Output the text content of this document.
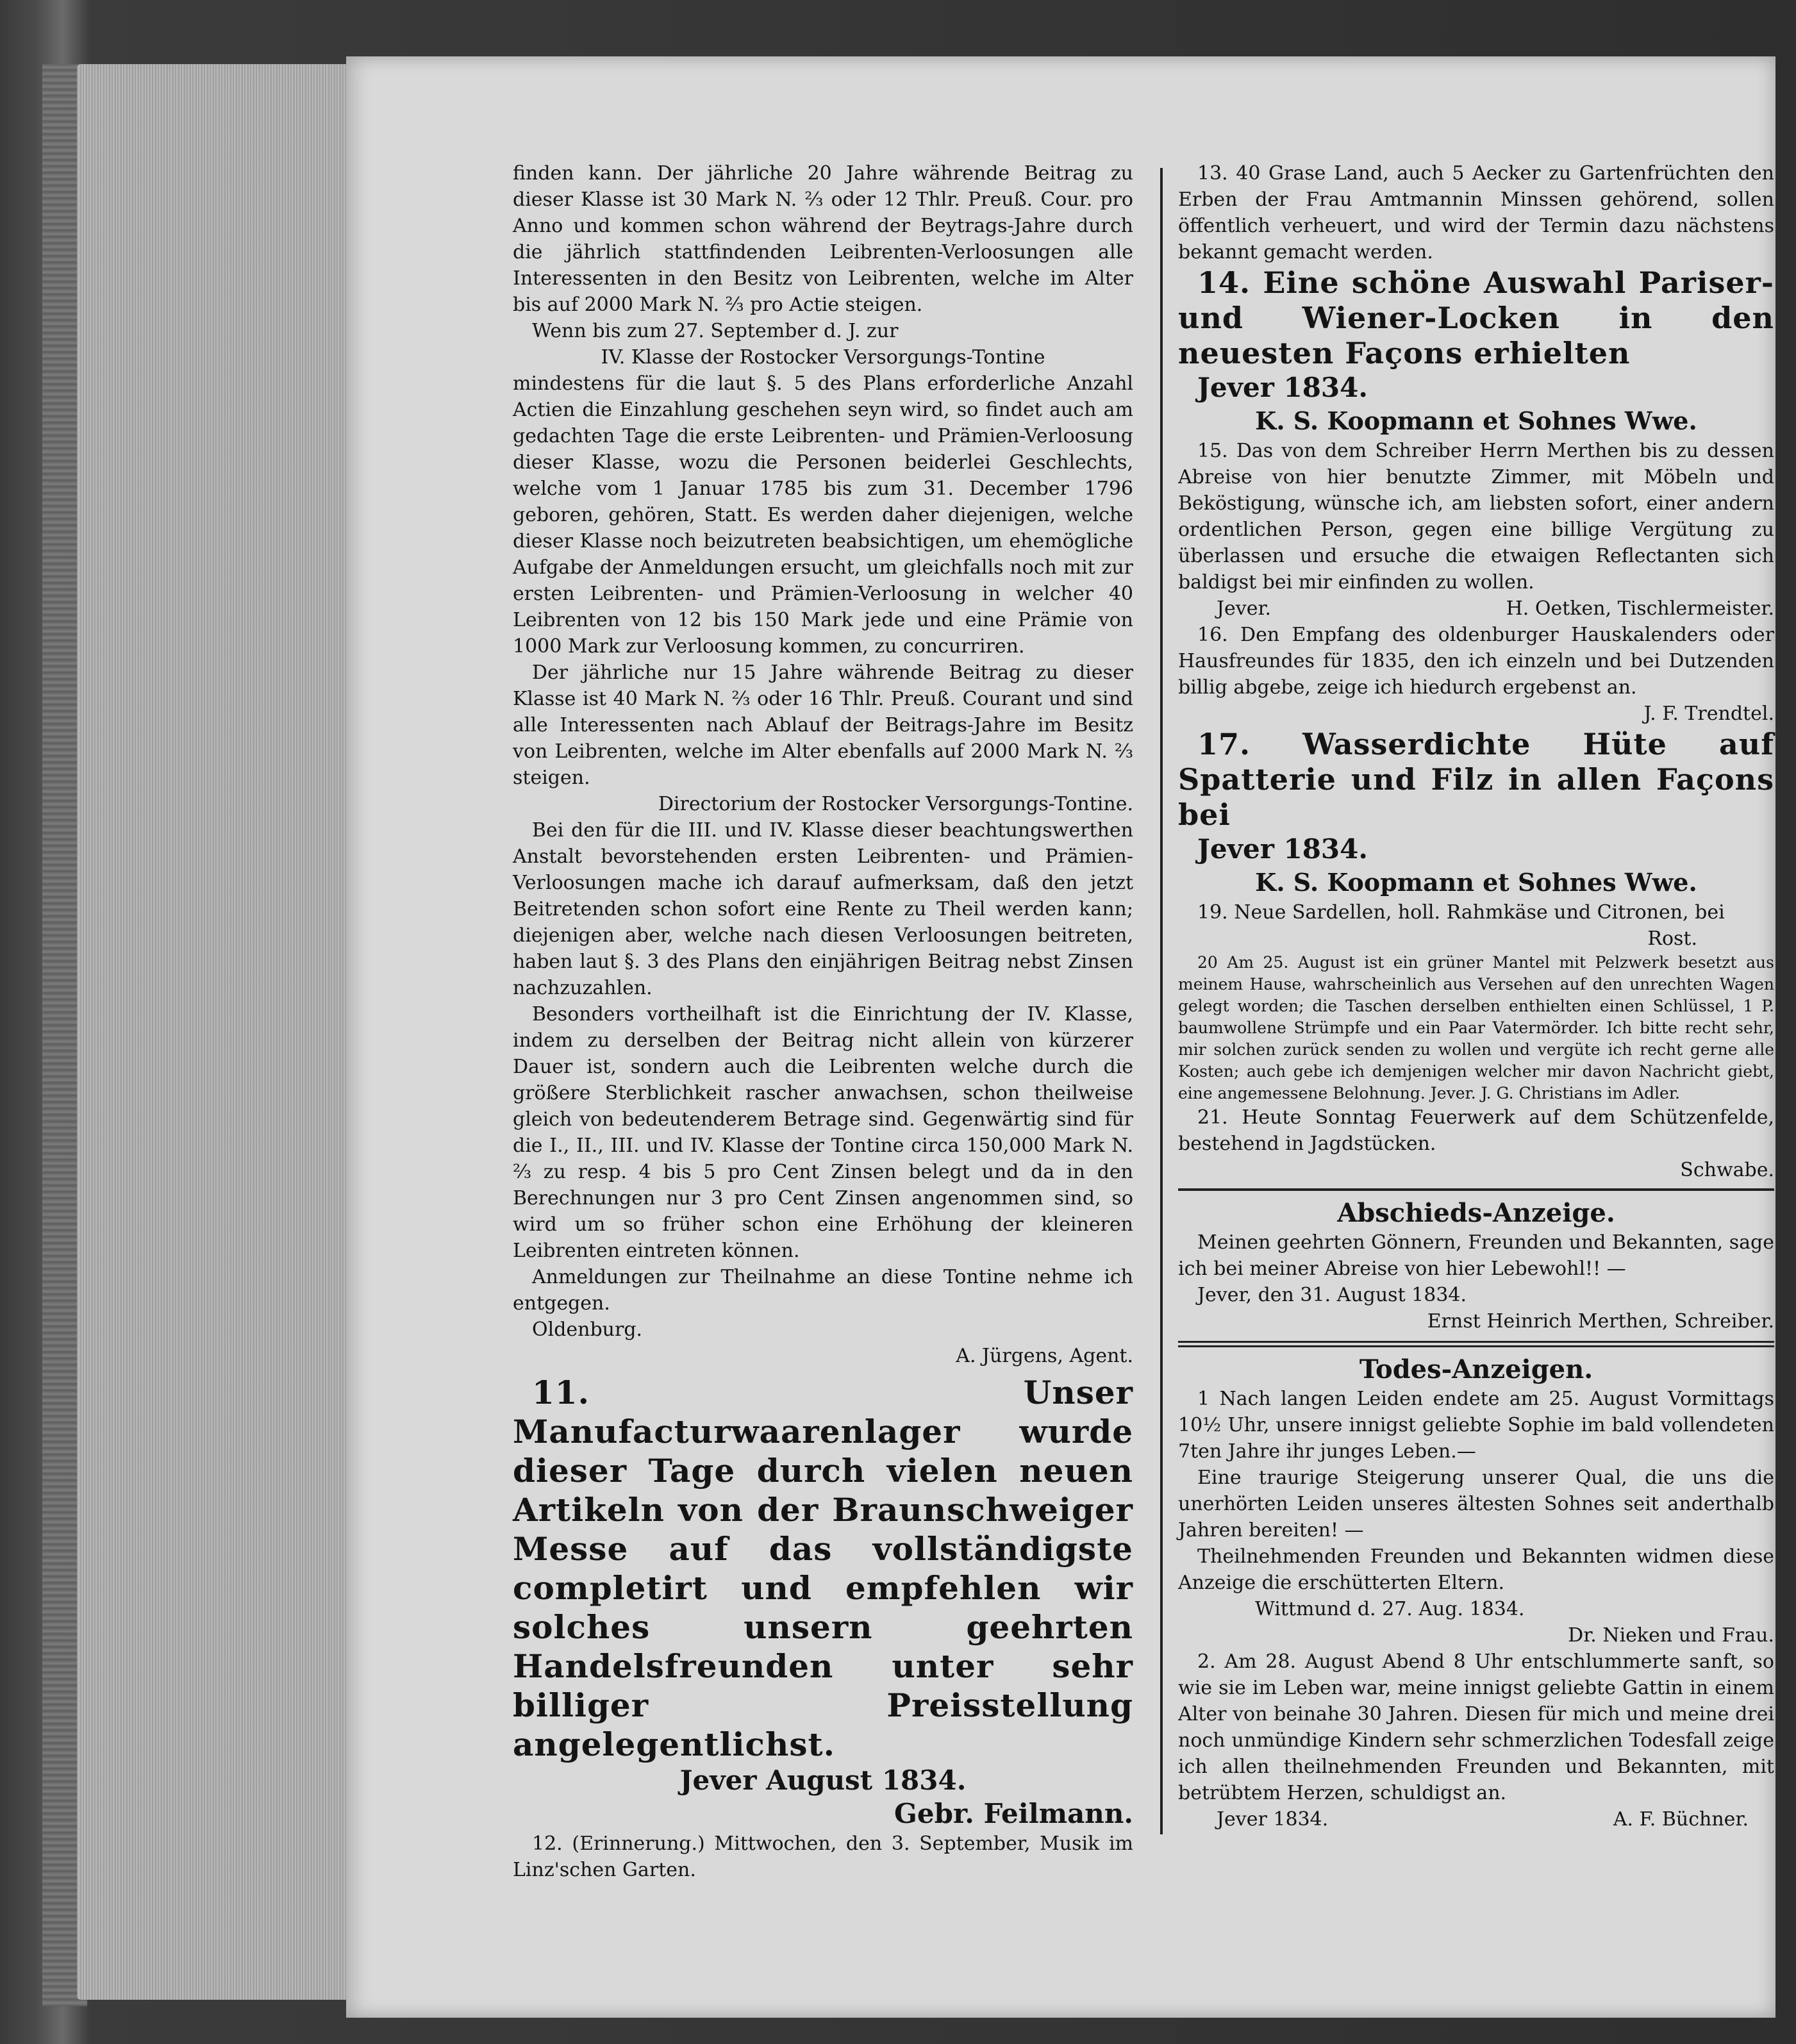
finden kann. Der jährliche 20 Jahre währende Beitrag zu dieser Klasse ist 30 Mark N. ⅔ oder 12 Thlr. Preuß. Cour. pro Anno und kommen schon während der Beytrags-Jahre durch die jährlich stattfindenden Leibrenten-Verloosungen alle Interessenten in den Besitz von Leibrenten, welche im Alter bis auf 2000 Mark N. ⅔ pro Actie steigen.

Wenn bis zum 27. September d. J. zur

IV. Klasse der Rostocker Versorgungs-Tontine

mindestens für die laut §. 5 des Plans erforderliche Anzahl Actien die Einzahlung geschehen seyn wird, so findet auch am gedachten Tage die erste Leibrenten- und Prämien-Verloosung dieser Klasse, wozu die Personen beiderlei Geschlechts, welche vom 1 Januar 1785 bis zum 31. December 1796 geboren, gehören, Statt. Es werden daher diejenigen, welche dieser Klasse noch beizutreten beabsichtigen, um ehemögliche Aufgabe der Anmeldungen ersucht, um gleichfalls noch mit zur ersten Leibrenten- und Prämien-Verloosung in welcher 40 Leibrenten von 12 bis 150 Mark jede und eine Prämie von 1000 Mark zur Verloosung kommen, zu concurriren.

Der jährliche nur 15 Jahre währende Beitrag zu dieser Klasse ist 40 Mark N. ⅔ oder 16 Thlr. Preuß. Courant und sind alle Interessenten nach Ablauf der Beitrags-Jahre im Besitz von Leibrenten, welche im Alter ebenfalls auf 2000 Mark N. ⅔ steigen.

Directorium der Rostocker Versorgungs-Tontine.

Bei den für die III. und IV. Klasse dieser beachtungswerthen Anstalt bevorstehenden ersten Leibrenten- und Prämien-Verloosungen mache ich darauf aufmerksam, daß den jetzt Beitretenden schon sofort eine Rente zu Theil werden kann; diejenigen aber, welche nach diesen Verloosungen beitreten, haben laut §. 3 des Plans den einjährigen Beitrag nebst Zinsen nachzuzahlen.

Besonders vortheilhaft ist die Einrichtung der IV. Klasse, indem zu derselben der Beitrag nicht allein von kürzerer Dauer ist, sondern auch die Leibrenten welche durch die größere Sterblichkeit rascher anwachsen, schon theilweise gleich von bedeutenderem Betrage sind. Gegenwärtig sind für die I., II., III. und IV. Klasse der Tontine circa 150,000 Mark N. ⅔ zu resp. 4 bis 5 pro Cent Zinsen belegt und da in den Berechnungen nur 3 pro Cent Zinsen angenommen sind, so wird um so früher schon eine Erhöhung der kleineren Leibrenten eintreten können.

Anmeldungen zur Theilnahme an diese Tontine nehme ich entgegen.

Oldenburg.

A. Jürgens, Agent.

11. Unser Manufacturwaarenlager wurde dieser Tage durch vielen neuen Artikeln von der Braunschweiger Messe auf das vollständigste completirt und empfehlen wir solches unsern geehrten Handelsfreunden unter sehr billiger Preisstellung angelegentlichst.

Jever August 1834.

Gebr. Feilmann.

12. (Erinnerung.) Mittwochen, den 3. September, Musik im Linz'schen Garten.

13. 40 Grase Land, auch 5 Aecker zu Gartenfrüchten den Erben der Frau Amtmannin Minssen gehörend, sollen öffentlich verheuert, und wird der Termin dazu nächstens bekannt gemacht werden.

14. Eine schöne Auswahl Pariser- und Wiener-Locken in den neuesten Façons erhielten

Jever 1834.

K. S. Koopmann et Sohnes Wwe.

15. Das von dem Schreiber Herrn Merthen bis zu dessen Abreise von hier benutzte Zimmer, mit Möbeln und Beköstigung, wünsche ich, am liebsten sofort, einer andern ordentlichen Person, gegen eine billige Vergütung zu überlassen und ersuche die etwaigen Reflectanten sich baldigst bei mir einfinden zu wollen.

Jever.	H. Oetken, Tischlermeister.

16. Den Empfang des oldenburger Hauskalenders oder Hausfreundes für 1835, den ich einzeln und bei Dutzenden billig abgebe, zeige ich hiedurch ergebenst an.

J. F. Trendtel.

17. Wasserdichte Hüte auf Spatterie und Filz in allen Façons bei

Jever 1834.

K. S. Koopmann et Sohnes Wwe.

19. Neue Sardellen, holl. Rahmkäse und Citronen, bei

Rost.

20 Am 25. August ist ein grüner Mantel mit Pelzwerk besetzt aus meinem Hause, wahrscheinlich aus Versehen auf den unrechten Wagen gelegt worden; die Taschen derselben enthielten einen Schlüssel, 1 P. baumwollene Strümpfe und ein Paar Vatermörder. Ich bitte recht sehr, mir solchen zurück senden zu wollen und vergüte ich recht gerne alle Kosten; auch gebe ich demjenigen welcher mir davon Nachricht giebt, eine angemessene Belohnung. Jever. J. G. Christians im Adler.

21. Heute Sonntag Feuerwerk auf dem Schützenfelde, bestehend in Jagdstücken.

Schwabe.

Abschieds-Anzeige.

Meinen geehrten Gönnern, Freunden und Bekannten, sage ich bei meiner Abreise von hier Lebewohl!! —

Jever, den 31. August 1834.

Ernst Heinrich Merthen, Schreiber.

Todes-Anzeigen.

1 Nach langen Leiden endete am 25. August Vormittags 10½ Uhr, unsere innigst geliebte Sophie im bald vollendeten 7ten Jahre ihr junges Leben.—

Eine traurige Steigerung unserer Qual, die uns die unerhörten Leiden unseres ältesten Sohnes seit anderthalb Jahren bereiten! —

Theilnehmenden Freunden und Bekannten widmen diese Anzeige die erschütterten Eltern.

Wittmund d. 27. Aug. 1834.

Dr. Nieken und Frau.

2. Am 28. August Abend 8 Uhr entschlummerte sanft, so wie sie im Leben war, meine innigst geliebte Gattin in einem Alter von beinahe 30 Jahren. Diesen für mich und meine drei noch unmündige Kindern sehr schmerzlichen Todesfall zeige ich allen theilnehmenden Freunden und Bekannten, mit betrübtem Herzen, schuldigst an.

Jever 1834.	A. F. Büchner.
